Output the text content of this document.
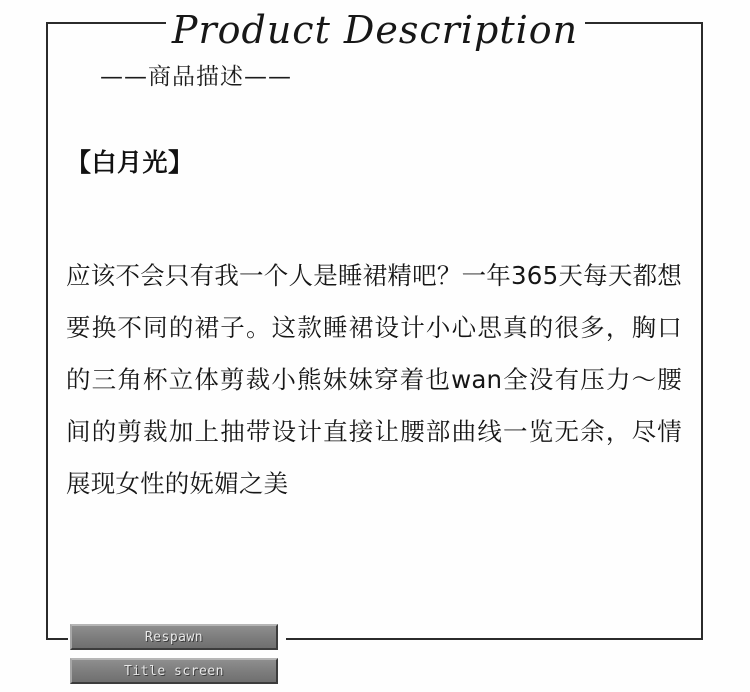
Product Description
——商品描述——
【白月光】
应该不会只有我一个人是睡裙精吧？一年365天每天都想要换不同的裙子。这款睡裙设计小心思真的很多，胸口的三角杯立体剪裁小熊妹妹穿着也wan全没有压力～腰间的剪裁加上抽带设计直接让腰部曲线一览无余，尽情展现女性的妩媚之美
Respawn
Title screen
